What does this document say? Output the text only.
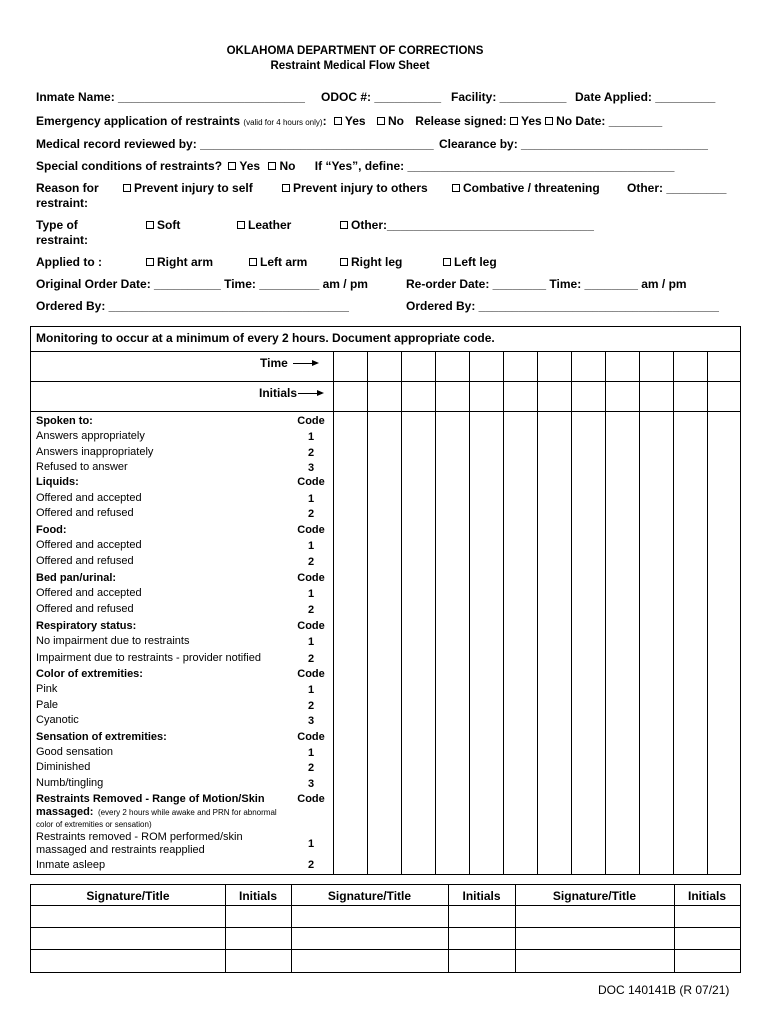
OKLAHOMA DEPARTMENT OF CORRECTIONS
Restraint Medical Flow Sheet
Inmate Name: ____________________________ ODOC #: __________ Facility: __________ Date Applied: _________
Emergency application of restraints (valid for 4 hours only): Yes No Release signed: Yes No Date: ________
Medical record reviewed by: ___________________________________ Clearance by: ____________________________
Special conditions of restraints? Yes No If “Yes”, define: ________________________________________
Reason for
restraint:
Prevent injury to self	Prevent injury to others	Combative / threatening Other: _________
Type of
restraint:
Soft	Leather	Other:_______________________________
Applied to :	Right arm	Left arm	Right leg	Left leg
Original Order Date: __________ Time: _________ am / pm	Re-order Date: ________ Time: ________ am / pm
Ordered By: ____________________________________	Ordered By: ____________________________________
Monitoring to occur at a minimum of every 2 hours. Document appropriate code.
Time
Initials
Spoken to:	Code
Answers appropriately	1
Answers inappropriately	2
Refused to answer	3
Liquids:	Code
Offered and accepted	1
Offered and refused	2
Food:	Code
Offered and accepted	1
Offered and refused	2
Bed pan/urinal:	Code
Offered and accepted	1
Offered and refused	2
Respiratory status:	Code
No impairment due to restraints	1
Impairment due to restraints - provider notified	2
Color of extremities:	Code
Pink	1
Pale	2
Cyanotic	3
Sensation of extremities:	Code
Good sensation	1
Diminished	2
Numb/tingling	3
Restraints Removed - Range of Motion/Skin	Code
massaged: (every 2 hours while awake and PRN for abnormal color of extremities or sensation)
Restraints removed - ROM performed/skin massaged and restraints reapplied	1
Inmate asleep	2
Signature/Title	Initials	Signature/Title	Initials	Signature/Title	Initials
DOC 140141B (R 07/21)
